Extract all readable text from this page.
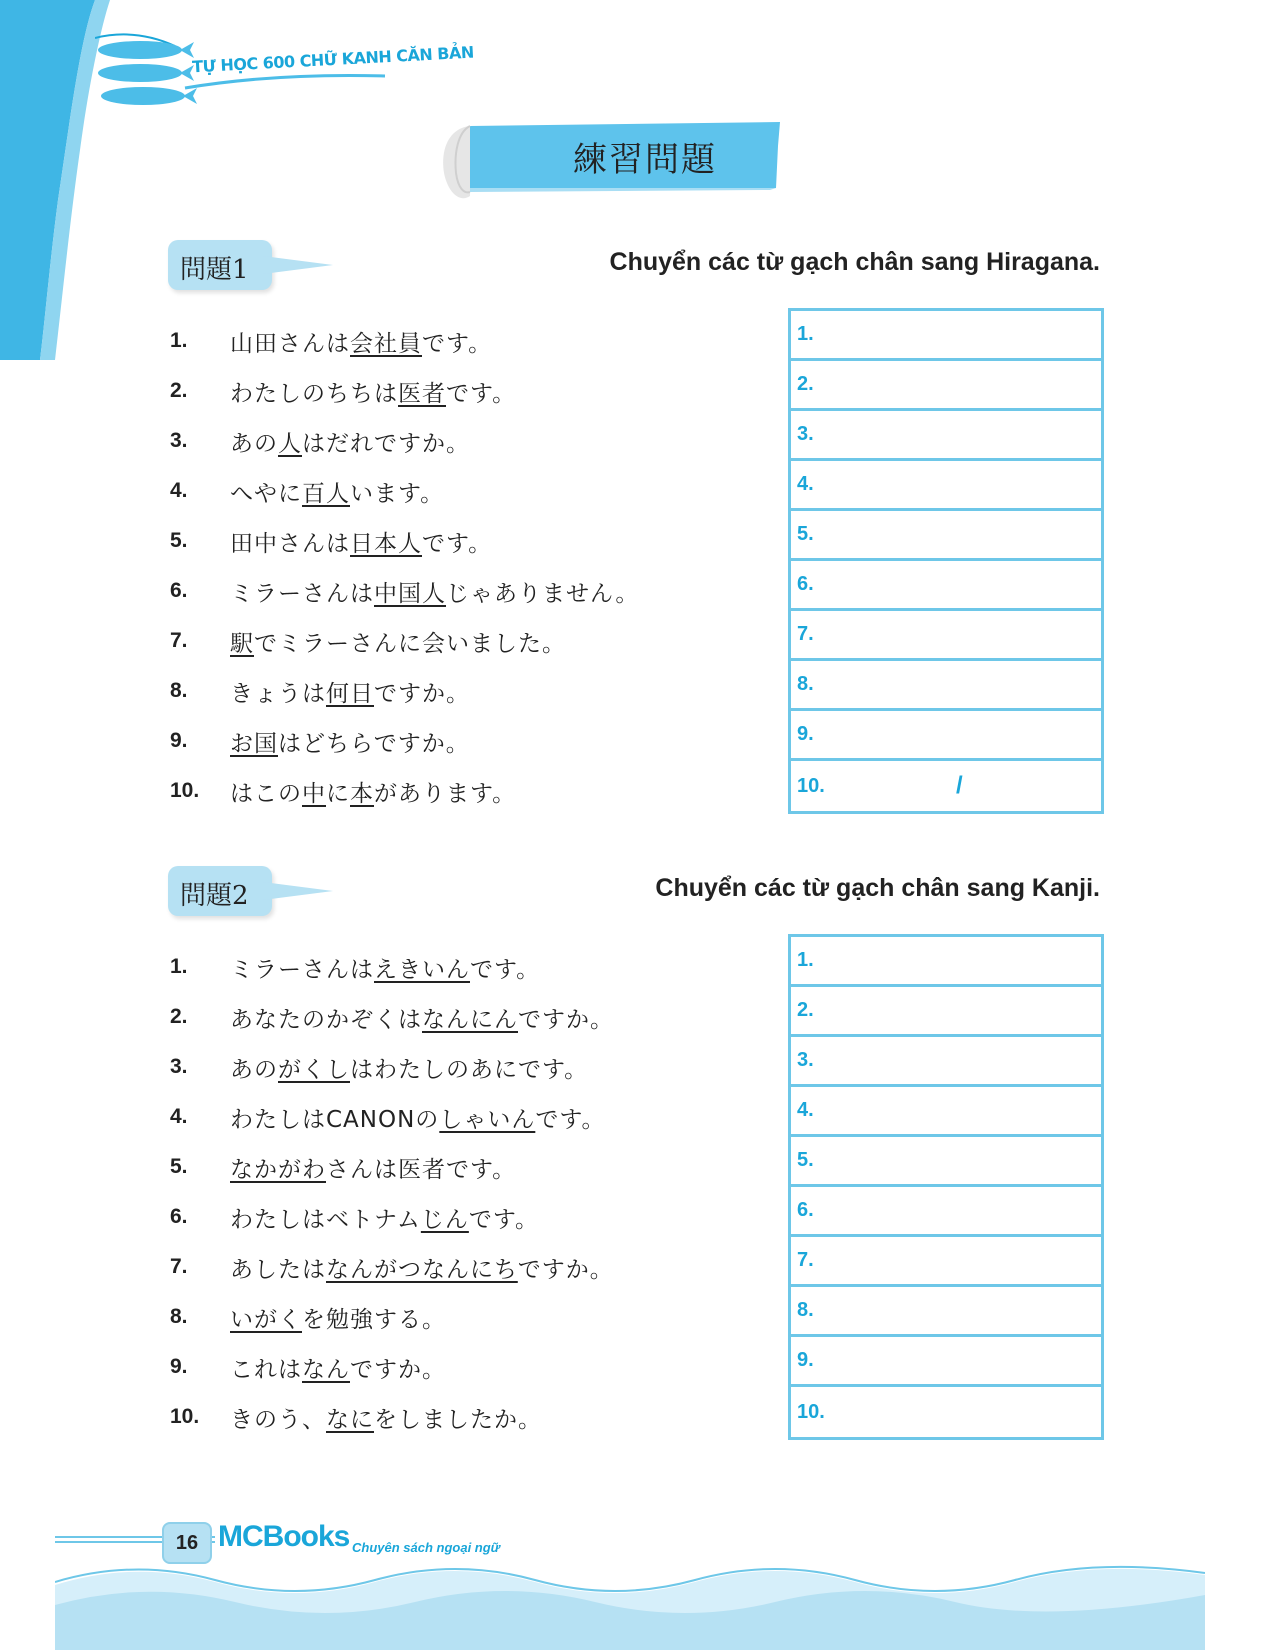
TỰ HỌC 600 CHỮ KANH CĂN BẢN
練習問題
問題1	Chuyển các từ gạch chân sang Hiragana.
1.	山田さんは会社員です。
2.	わたしのちちは医者です。
3.	あの人はだれですか。
4.	へやに百人います。
5.	田中さんは日本人です。
6.	ミラーさんは中国人じゃありません。
7.	駅でミラーさんに会いました。
8.	きょうは何日ですか。
9.	お国はどちらですか。
10.	はこの中に本があります。
1.
2.
3.
4.
5.
6.
7.
8.
9.
10.	/
問題2	Chuyển các từ gạch chân sang Kanji.
1.	ミラーさんはえきいんです。
2.	あなたのかぞくはなんにんですか。
3.	あのがくしはわたしのあにです。
4.	わたしはCANONのしゃいんです。
5.	なかがわさんは医者です。
6.	わたしはベトナムじんです。
7.	あしたはなんがつなんにちですか。
8.	いがくを勉強する。
9.	これはなんですか。
10.	きのう、なにをしましたか。
1.
2.
3.
4.
5.
6.
7.
8.
9.
10.
16 MCBooks Chuyên sách ngoại ngữ
